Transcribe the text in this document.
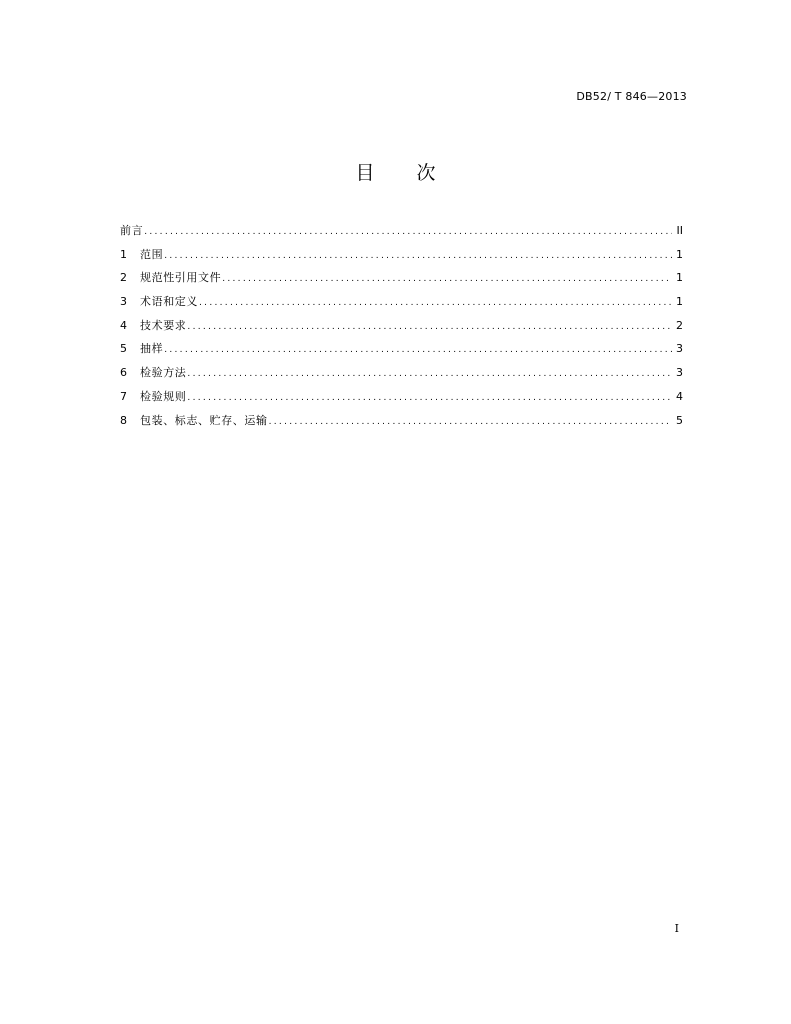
DB52/ T 846—2013
目 次
前言 .....	II
1	范围 .....	1
2	规范性引用文件 .....	1
3	术语和定义 .....	1
4	技术要求 .....	2
5	抽样 .....	3
6	检验方法 .....	3
7	检验规则 .....	4
8	包装、标志、贮存、运输 .....	5
I
